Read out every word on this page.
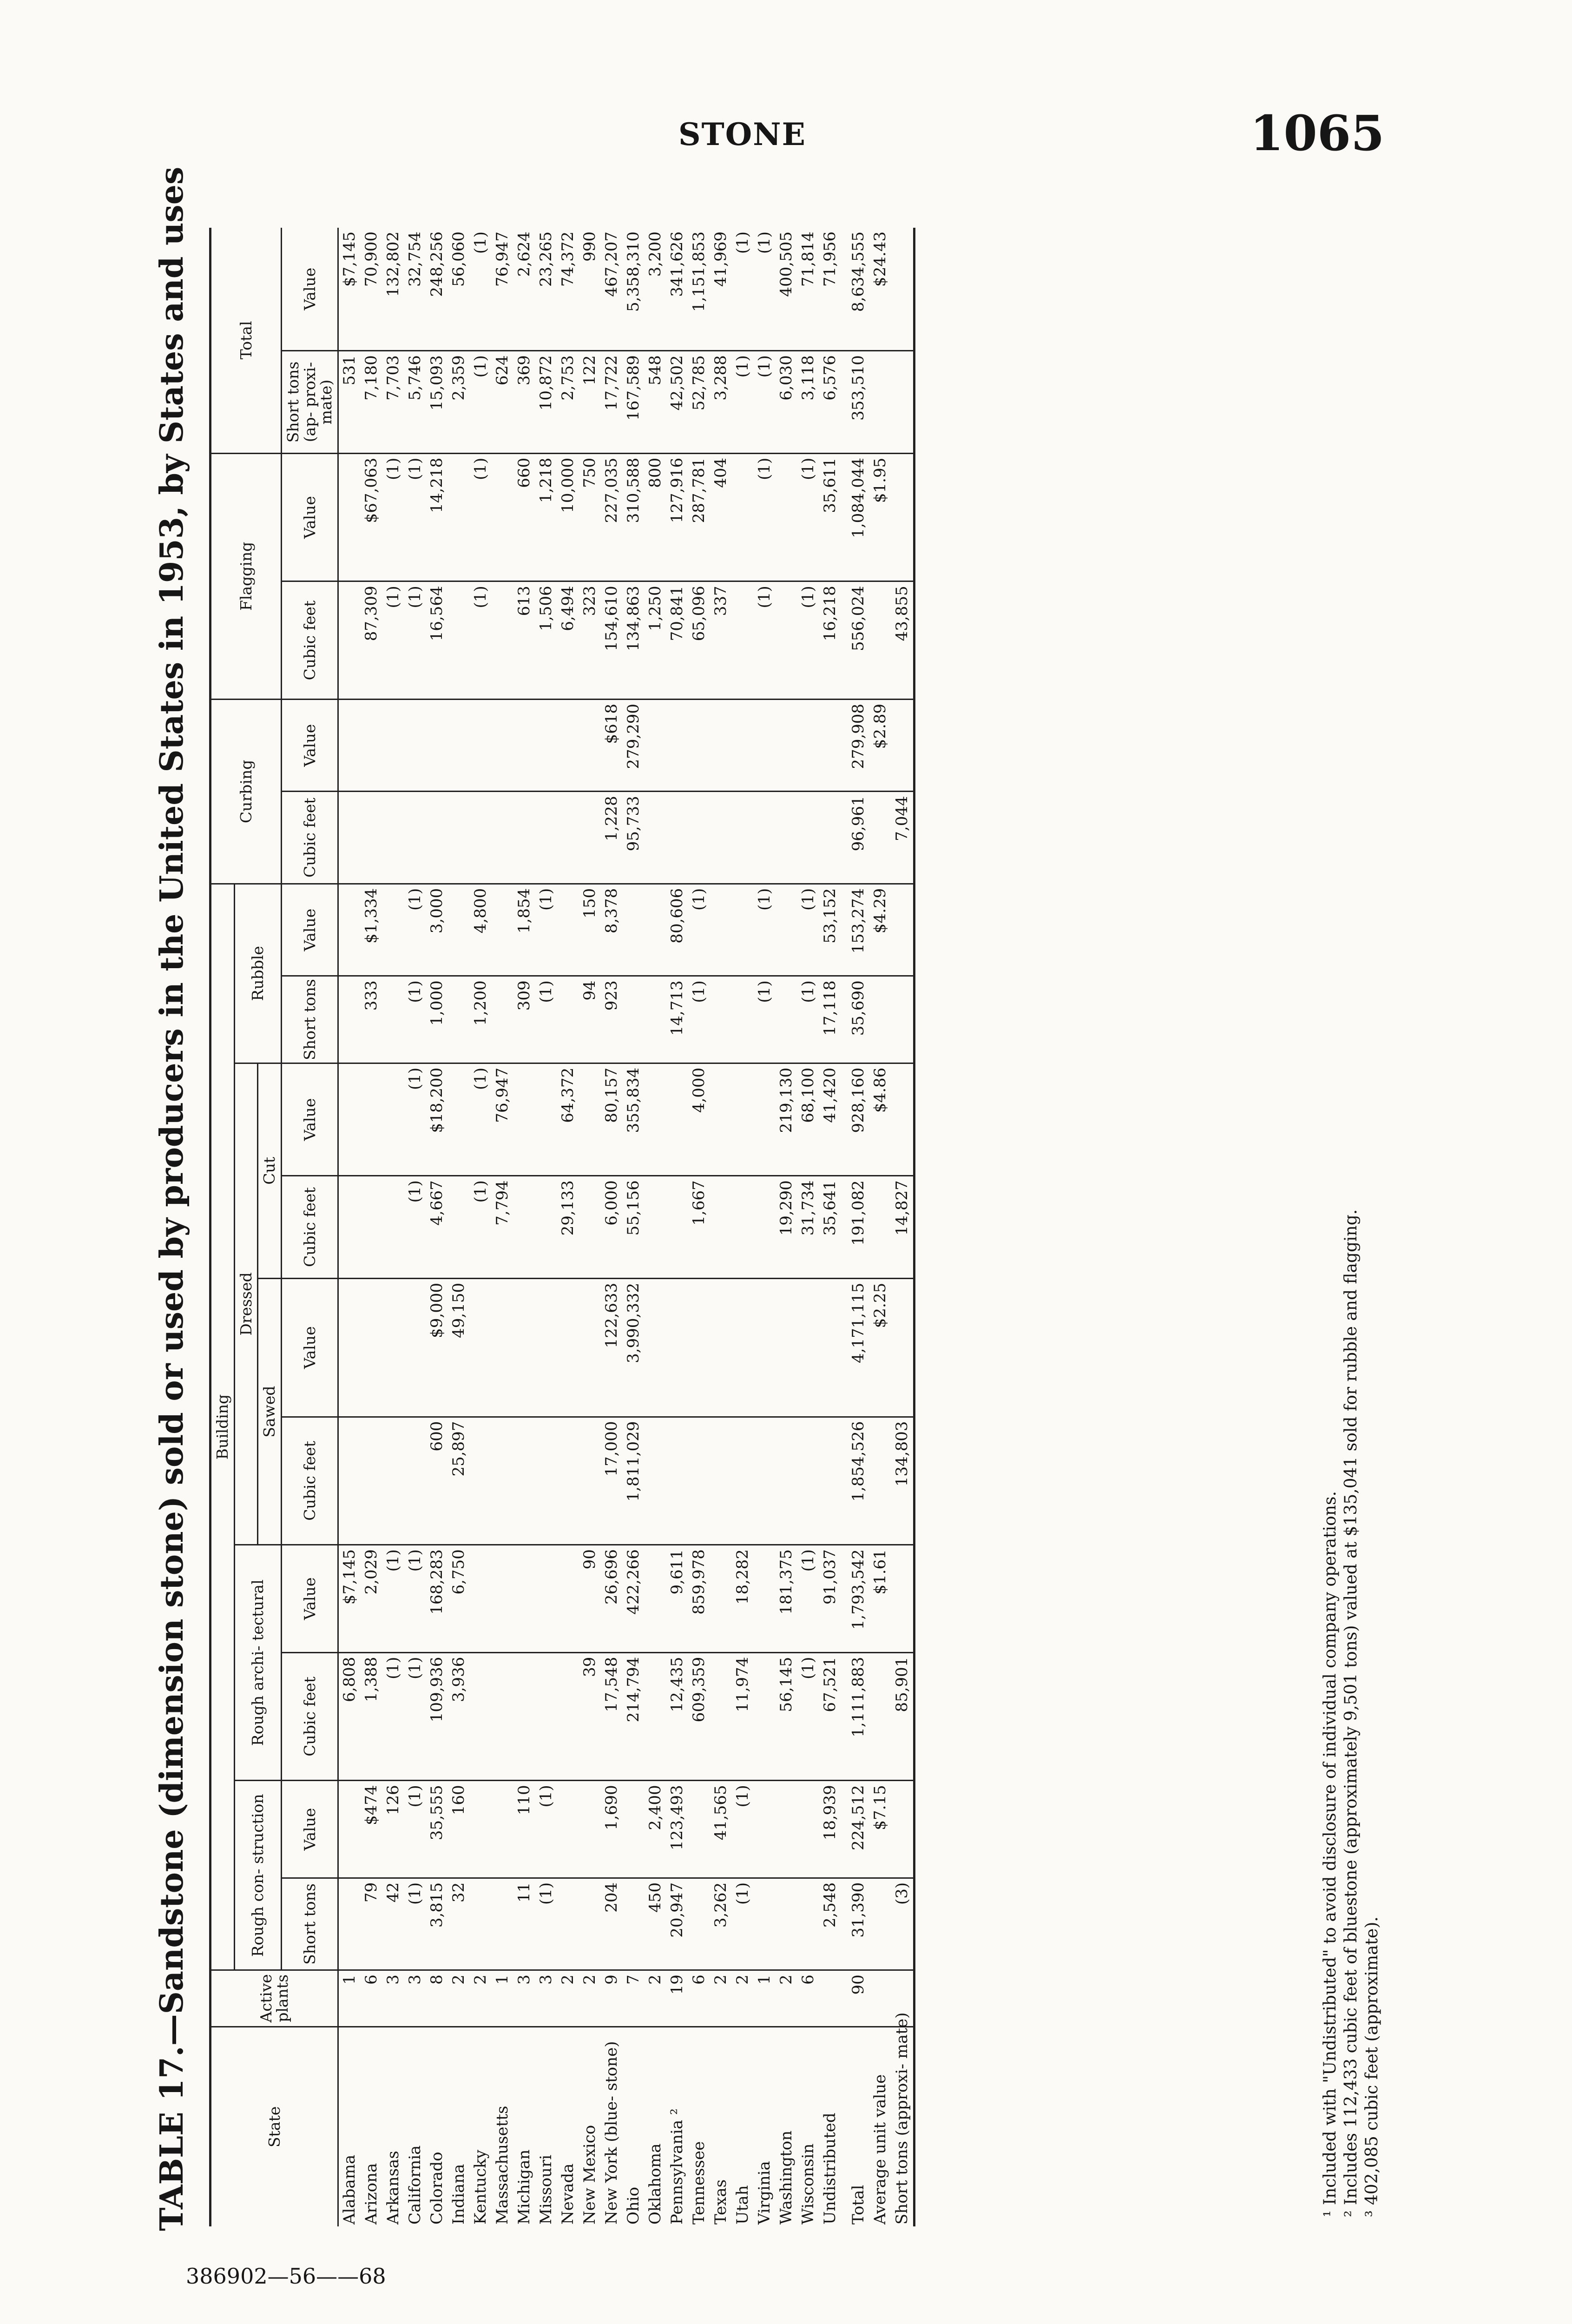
STONE	1065
386902—56——68
TABLE 17.—Sandstone (dimension stone) sold or used by producers in the United States in 1953, by States and uses	State	Active plants	Building										Curbing		Flagging		Total	
		Rough con- struction		Rough archi- tectural		Dressed				Rubble							
						Sawed		Cut									
		Short tons	Value	Cubic feet	Value	Cubic feet	Value	Cubic feet	Value	Short tons	Value	Cubic feet	Value	Cubic feet	Value	Short tons (ap- proxi- mate)	Value
Alabama	1			6,808	$7,145											531	$7,145
Arizona	6	79	$474	1,388	2,029					333	$1,334			87,309	$67,063	7,180	70,900
Arkansas	3	42	126	(1)	(1)									(1)	(1)	7,703	132,802
California	3	(1)	(1)	(1)	(1)			(1)	(1)	(1)	(1)			(1)	(1)	5,746	32,754
Colorado	8	3,815	35,555	109,936	168,283	600	$9,000	4,667	$18,200	1,000	3,000			16,564	14,218	15,093	248,256
Indiana	2	32	160	3,936	6,750	25,897	49,150									2,359	56,060
Kentucky	2							(1)	(1)	1,200	4,800			(1)	(1)	(1)	(1)
Massachusetts	1							7,794	76,947							624	76,947
Michigan	3	11	110							309	1,854			613	660	369	2,624
Missouri	3	(1)	(1)							(1)	(1)			1,506	1,218	10,872	23,265
Nevada	2							29,133	64,372					6,494	10,000	2,753	74,372
New Mexico	2			39	90					94	150			323	750	122	990
New York (blue- stone)	9	204	1,690	17,548	26,696	17,000	122,633	6,000	80,157	923	8,378	1,228	$618	154,610	227,035	17,722	467,207
Ohio	7			214,794	422,266	1,811,029	3,990,332	55,156	355,834			95,733	279,290	134,863	310,588	167,589	5,358,310
Oklahoma	2	450	2,400											1,250	800	548	3,200
Pennsylvania ²	19	20,947	123,493	12,435	9,611					14,713	80,606			70,841	127,916	42,502	341,626
Tennessee	6			609,359	859,978			1,667	4,000	(1)	(1)			65,096	287,781	52,785	1,151,853
Texas	2	3,262	41,565											337	404	3,288	41,969
Utah	2	(1)	(1)	11,974	18,282											(1)	(1)
Virginia	1									(1)	(1)			(1)	(1)	(1)	(1)
Washington	2			56,145	181,375			19,290	219,130							6,030	400,505
Wisconsin	6			(1)	(1)			31,734	68,100	(1)	(1)			(1)	(1)	3,118	71,814
Undistributed		2,548	18,939	67,521	91,037			35,641	41,420	17,118	53,152			16,218	35,611	6,576	71,956
Total	90	31,390	224,512	1,111,883	1,793,542	1,854,526	4,171,115	191,082	928,160	35,690	153,274	96,961	279,908	556,024	1,084,044	353,510	8,634,555
Average unit value			$7.15		$1.61		$2.25		$4.86		$4.29		$2.89		$1.95		$24.43
Short tons (approxi- mate)		(3)		85,901		134,803		14,827				7,044		43,855			
¹ Included with "Undistributed" to avoid disclosure of individual company operations. ² Includes 112,433 cubic feet of bluestone (approximately 9,501 tons) valued at $135,041 sold for rubble and flagging. ³ 402,085 cubic feet (approximate).
